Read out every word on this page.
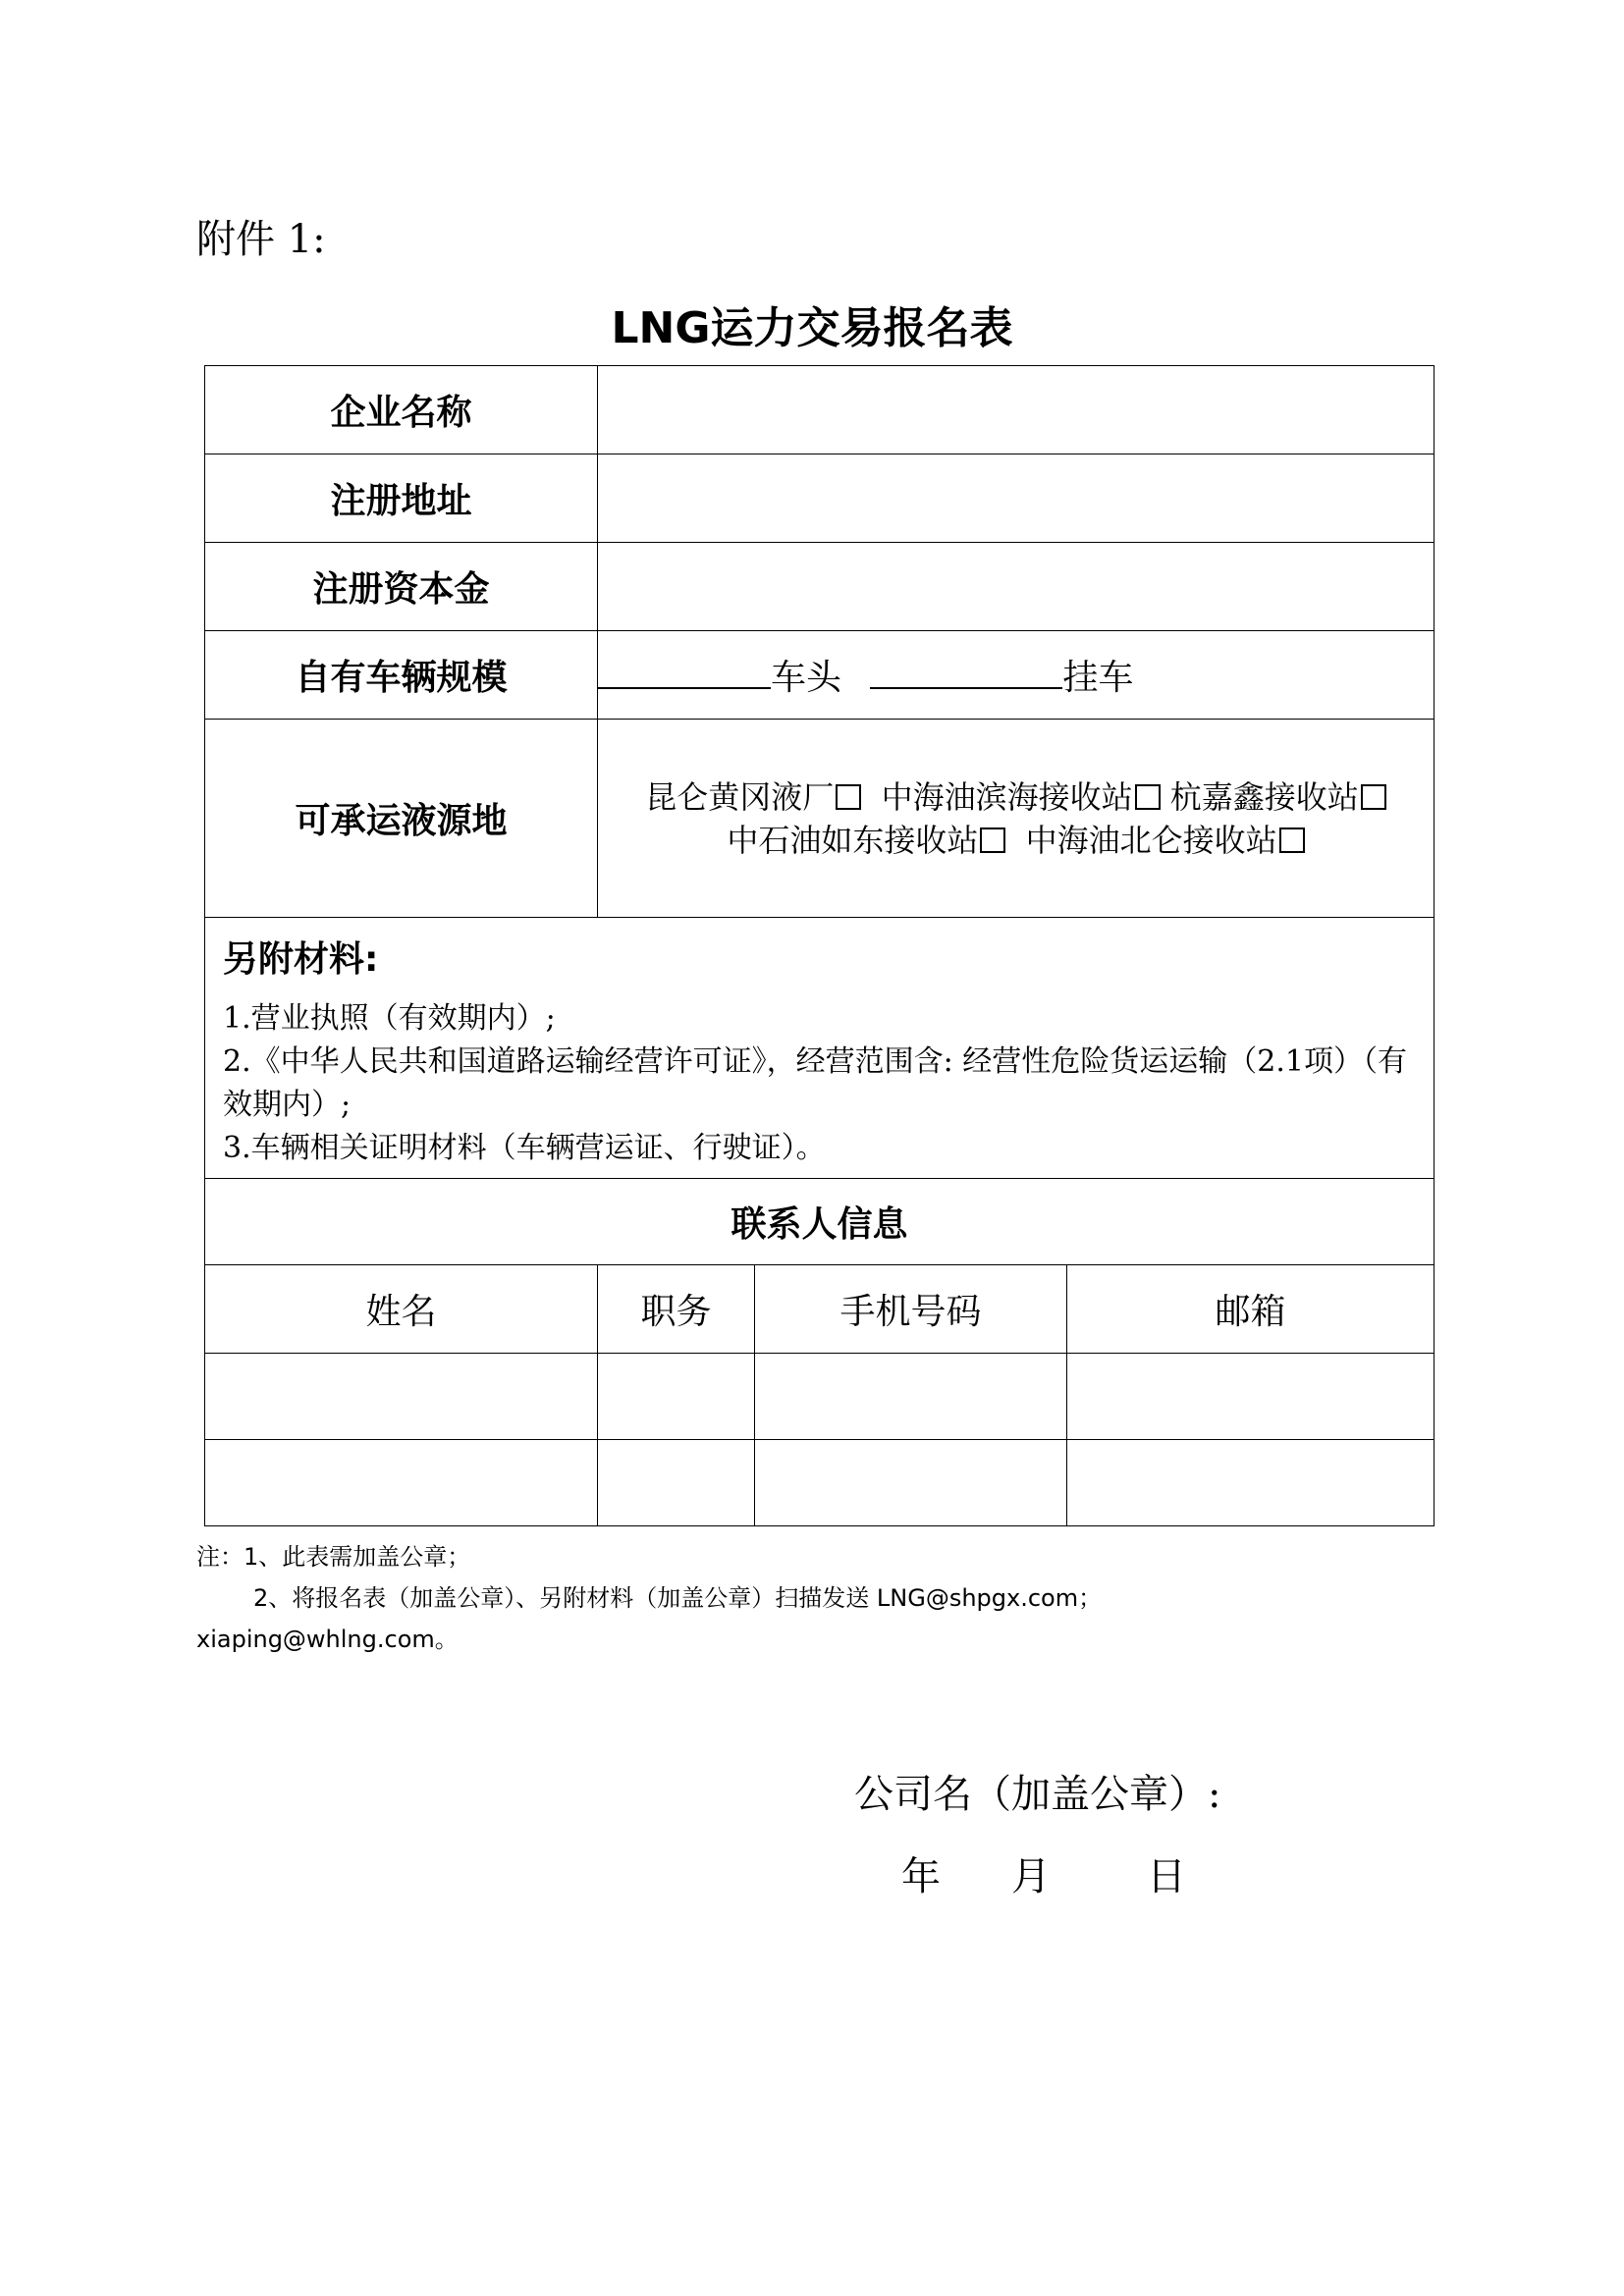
附件 1:
LNG运力交易报名表
企业名称			
注册地址			
注册资本金			
自有车辆规模	车头 挂车		
可承运液源地	昆仑黄冈液厂 中海油滨海接收站 杭嘉鑫接收站
中石油如东接收站 中海油北仑接收站		

另附材料:
1.营业执照（有效期内）;
2.《中华人民共和国道路运输经营许可证》，经营范围含: 经营性危险货运运输（2.1项）（有效期内）;
3.车辆相关证明材料（车辆营运证、行驶证）。			

联系人信息			
姓名	职务	手机号码	邮箱

注：1、此表需加盖公章；
2、将报名表（加盖公章）、另附材料（加盖公章）扫描发送 LNG@shpgx.com；
xiaping@whlng.com。
公司名（加盖公章）:
年 月 日
